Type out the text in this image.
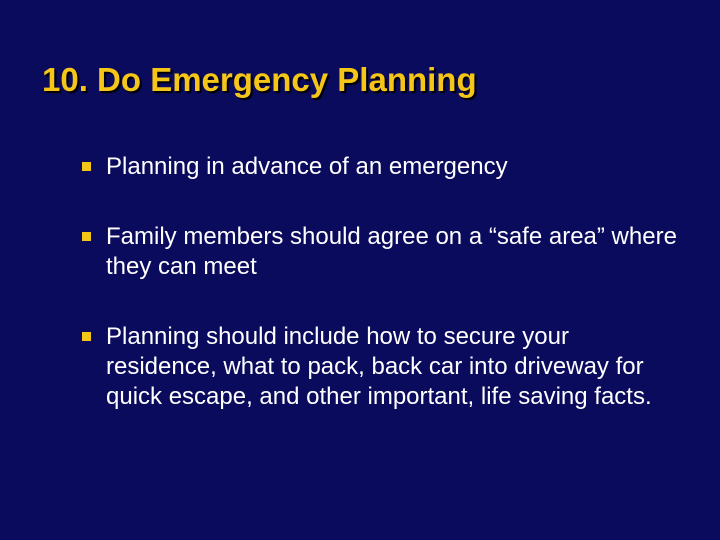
10. Do Emergency Planning
Planning in advance of an emergency
Family members should agree on a “safe area” where they can meet
Planning should include how to secure your residence, what to pack, back car into driveway for quick escape, and other important, life saving facts.
